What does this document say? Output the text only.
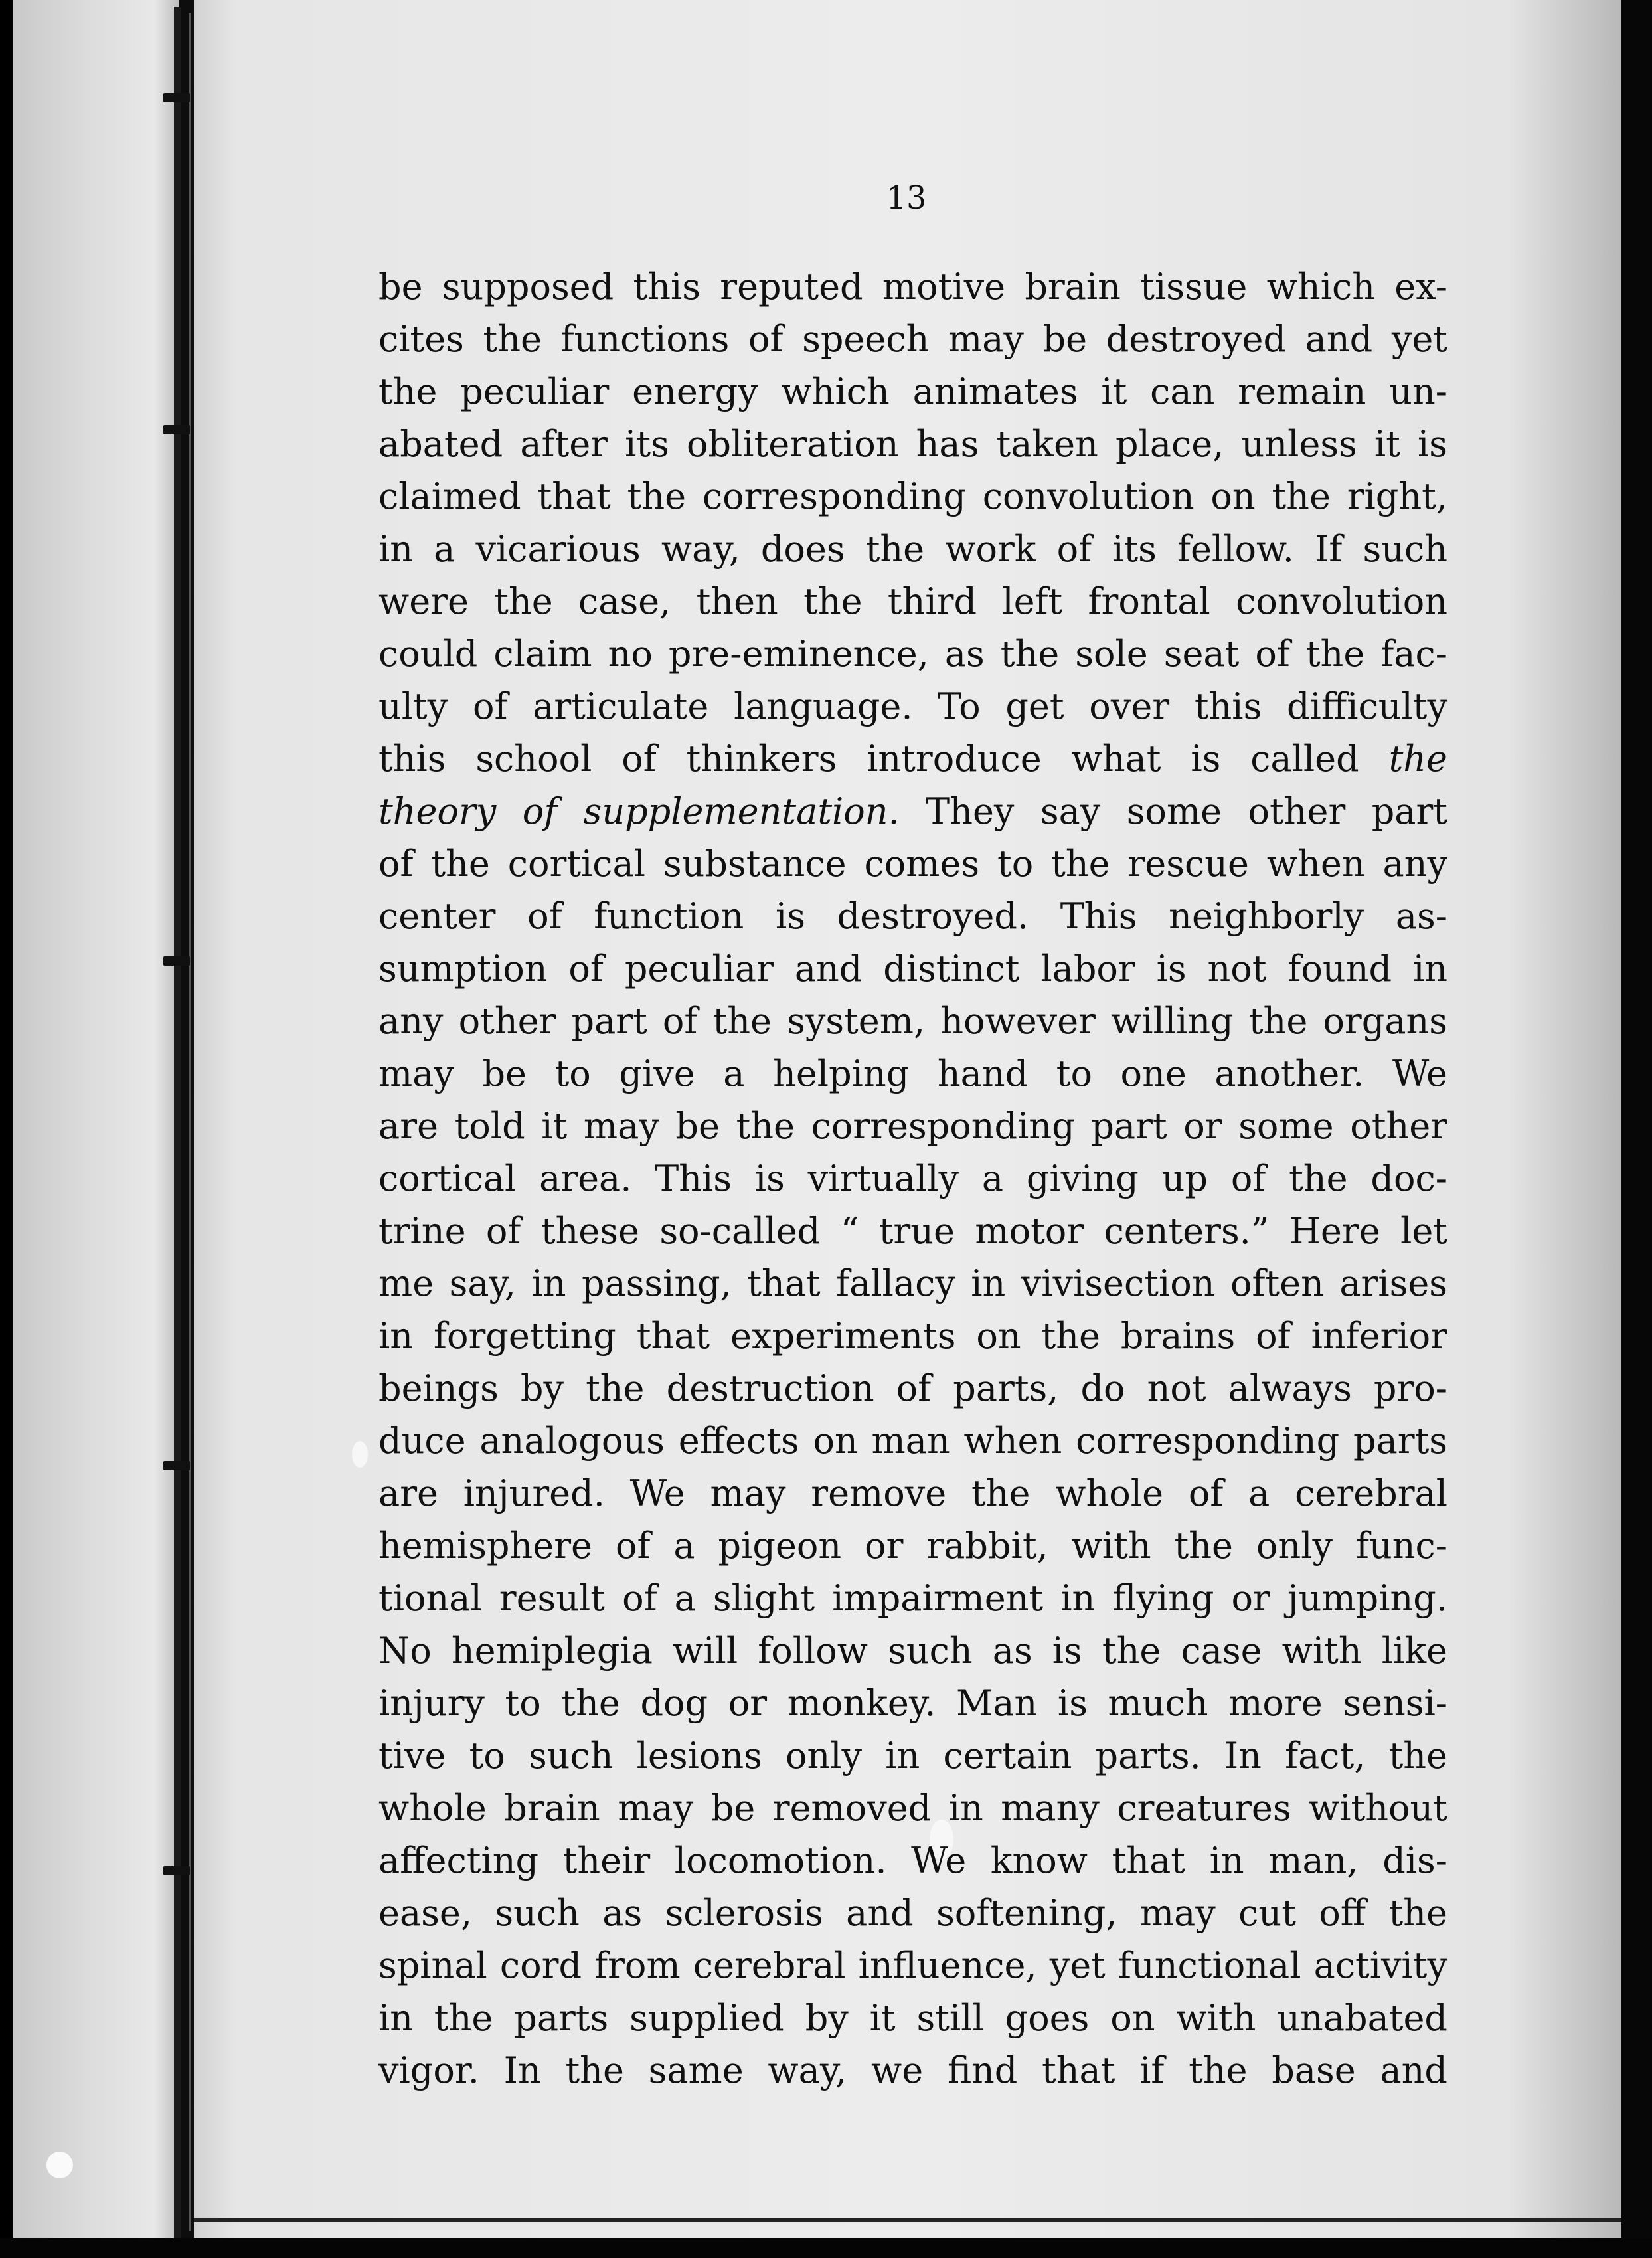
13
be supposed this reputed motive brain tissue which ex-
cites the functions of speech may be destroyed and yet
the peculiar energy which animates it can remain un-
abated after its obliteration has taken place, unless it is
claimed that the corresponding convolution on the right,
in a vicarious way, does the work of its fellow. If such
were the case, then the third left frontal convolution
could claim no pre-eminence, as the sole seat of the fac-
ulty of articulate language. To get over this difficulty
this school of thinkers introduce what is called the
theory of supplementation. They say some other part
of the cortical substance comes to the rescue when any
center of function is destroyed. This neighborly as-
sumption of peculiar and distinct labor is not found in
any other part of the system, however willing the organs
may be to give a helping hand to one another. We
are told it may be the corresponding part or some other
cortical area. This is virtually a giving up of the doc-
trine of these so-called “ true motor centers.” Here let
me say, in passing, that fallacy in vivisection often arises
in forgetting that experiments on the brains of inferior
beings by the destruction of parts, do not always pro-
duce analogous effects on man when corresponding parts
are injured. We may remove the whole of a cerebral
hemisphere of a pigeon or rabbit, with the only func-
tional result of a slight impairment in flying or jumping.
No hemiplegia will follow such as is the case with like
injury to the dog or monkey. Man is much more sensi-
tive to such lesions only in certain parts. In fact, the
whole brain may be removed in many creatures without
affecting their locomotion. We know that in man, dis-
ease, such as sclerosis and softening, may cut off the
spinal cord from cerebral influence, yet functional activity
in the parts supplied by it still goes on with unabated
vigor. In the same way, we find that if the base and
